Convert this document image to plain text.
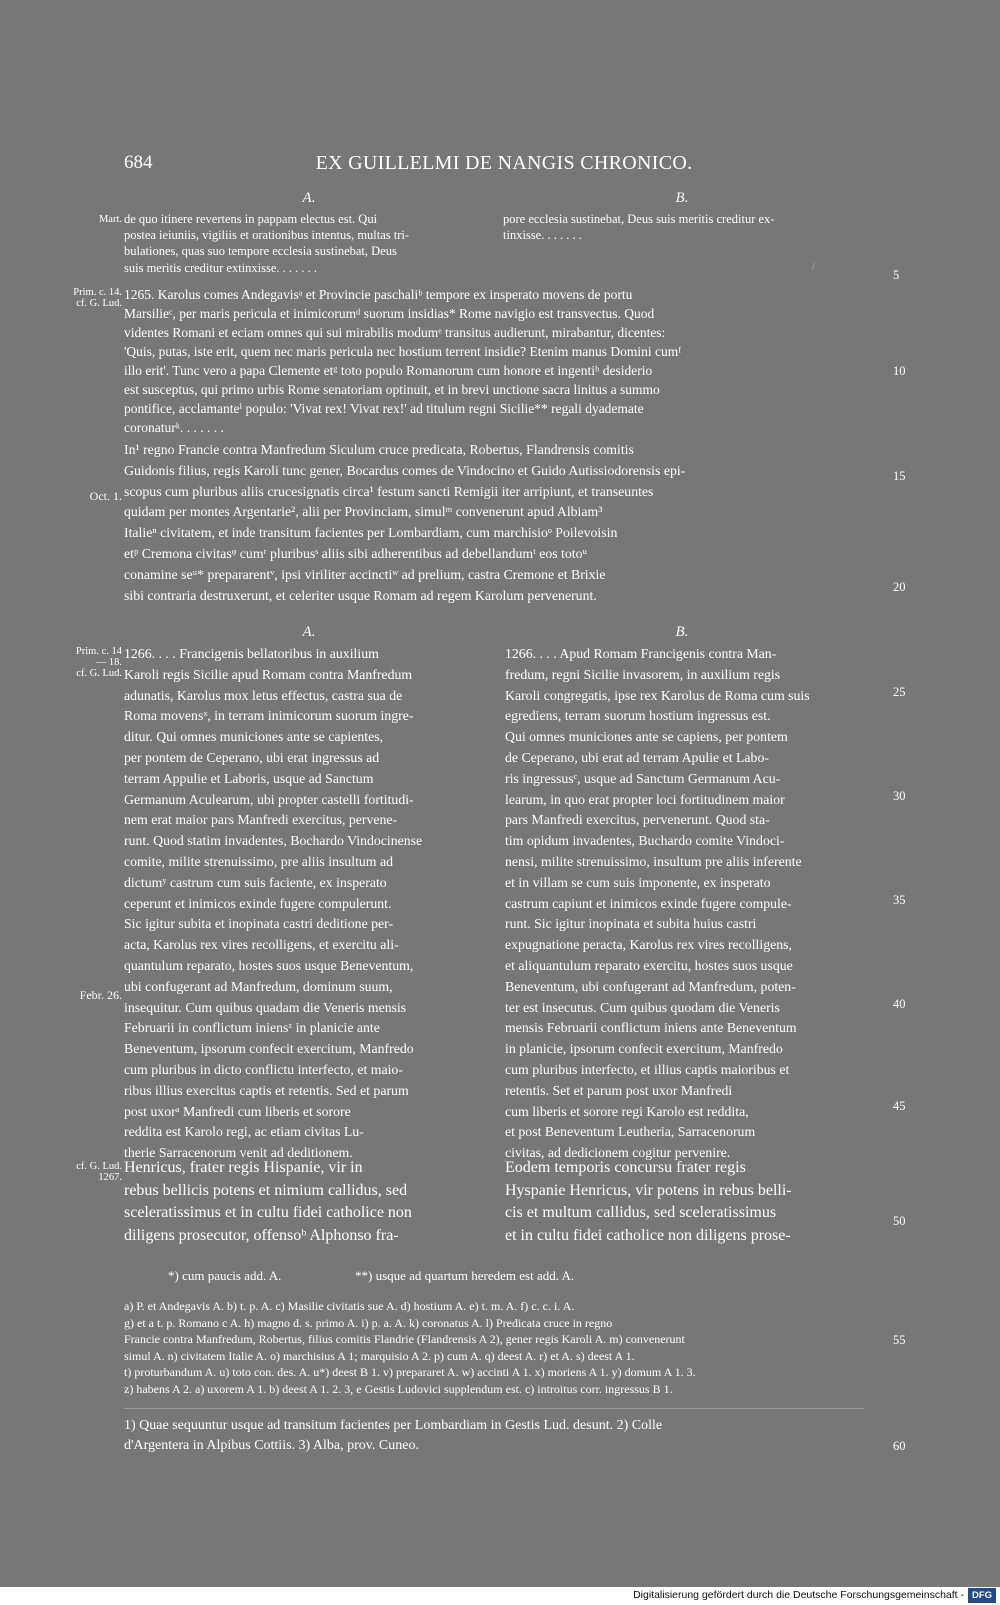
684	EX GUILLELMI DE NANGIS CHRONICO.
A.	B.
de quo itinere revertens in pappam electus est. Qui
postea ieiuniis, vigiliis et orationibus intentus, multas tri-
bulationes, quas suo tempore ecclesia sustinebat, Deus
suis meritis creditur extinxisse. . . . . . .
pore ecclesia sustinebat, Deus suis meritis creditur ex-
tinxisse. . . . . . .
/
1265. Karolus comes Andegavisᵃ et Provincie paschaliᵇ tempore ex insperato movens de portu
Marsilieᶜ, per maris pericula et inimicorumᵈ suorum insidias* Rome navigio est transvectus. Quod
videntes Romani et eciam omnes qui sui mirabilis modumᵉ transitus audierunt, mirabantur, dicentes:
'Quis, putas, iste erit, quem nec maris pericula nec hostium terrent insidie? Etenim manus Domini cumᶠ
illo erit'. Tunc vero a papa Clemente etᵍ toto populo Romanorum cum honore et ingentiʰ desiderio
est susceptus, qui primo urbis Rome senatoriam optinuit, et in brevi unctione sacra linitus a summo
pontifice, acclamanteⁱ populo: 'Vivat rex! Vivat rex!' ad titulum regni Sicilie** regali dyademate
coronaturᵏ. . . . . . .
In¹ regno Francie contra Manfredum Siculum cruce predicata, Robertus, Flandrensis comitis
Guidonis filius, regis Karoli tunc gener, Bocardus comes de Vindocino et Guido Autissiodorensis epi-
scopus cum pluribus aliis crucesignatis circa¹ festum sancti Remigii iter arripiunt, et transeuntes
quidam per montes Argentarie², alii per Provinciam, simulᵐ convenerunt apud Albiam³
Italieⁿ civitatem, et inde transitum facientes per Lombardiam, cum marchisioᵒ Poilevoisin
etᵖ Cremona civitasᵠ cumʳ pluribusˢ aliis sibi adherentibus ad debellandumᵗ eos totoᵘ
conamine seᵘ* prepararentᵛ, ipsi viriliter accinctiʷ ad prelium, castra Cremone et Brixie
sibi contraria destruxerunt, et celeriter usque Romam ad regem Karolum pervenerunt.
A.	B.
1266. . . . Francigenis bellatoribus in auxilium
Karoli regis Sicilie apud Romam contra Manfredum
adunatis, Karolus mox letus effectus, castra sua de
Roma movensˣ, in terram inimicorum suorum ingre-
ditur. Qui omnes municiones ante se capientes,
per pontem de Ceperano, ubi erat ingressus ad
terram Appulie et Laboris, usque ad Sanctum
Germanum Aculearum, ubi propter castelli fortitudi-
nem erat maior pars Manfredi exercitus, pervene-
runt. Quod statim invadentes, Bochardo Vindocinense
comite, milite strenuissimo, pre aliis insultum ad
dictumʸ castrum cum suis faciente, ex insperato
ceperunt et inimicos exinde fugere compulerunt.
Sic igitur subita et inopinata castri deditione per-
acta, Karolus rex vires recolligens, et exercitu ali-
quantulum reparato, hostes suos usque Beneventum,
ubi confugerant ad Manfredum, dominum suum,
insequitur. Cum quibus quadam die Veneris mensis
Februarii in conflictum iniensᶻ in planicie ante
Beneventum, ipsorum confecit exercitum, Manfredo
cum pluribus in dicto conflictu interfecto, et maio-
ribus illius exercitus captis et retentis. Sed et parum
post uxorᵃ Manfredi cum liberis et sorore
reddita est Karolo regi, ac etiam civitas Lu-
therie Sarracenorum venit ad deditionem.
1266. . . . Apud Romam Francigenis contra Man-
fredum, regni Sicilie invasorem, in auxilium regis
Karoli congregatis, ipse rex Karolus de Roma cum suis
egrediens, terram suorum hostium ingressus est.
Qui omnes municiones ante se capiens, per pontem
de Ceperano, ubi erat ad terram Apulie et Labo-
ris ingressusᶜ, usque ad Sanctum Germanum Acu-
learum, in quo erat propter loci fortitudinem maior
pars Manfredi exercitus, pervenerunt. Quod sta-
tim opidum invadentes, Buchardo comite Vindoci-
nensi, milite strenuissimo, insultum pre aliis inferente
et in villam se cum suis imponente, ex insperato
castrum capiunt et inimicos exinde fugere compule-
runt. Sic igitur inopinata et subita huius castri
expugnatione peracta, Karolus rex vires recolligens,
et aliquantulum reparato exercitu, hostes suos usque
Beneventum, ubi confugerant ad Manfredum, poten-
ter est insecutus. Cum quibus quodam die Veneris
mensis Februarii conflictum iniens ante Beneventum
in planicie, ipsorum confecit exercitum, Manfredo
cum pluribus interfecto, et illius captis maioribus et
retentis. Set et parum post uxor Manfredi
cum liberis et sorore regi Karolo est reddita,
et post Beneventum Leutheria, Sarracenorum
civitas, ad dedicionem cogitur pervenire.
Henricus, frater regis Hispanie, vir in
rebus bellicis potens et nimium callidus, sed
sceleratissimus et in cultu fidei catholice non
diligens prosecutor, offensoᵇ Alphonso fra-
Eodem temporis concursu frater regis
Hyspanie Henricus, vir potens in rebus belli-
cis et multum callidus, sed sceleratissimus
et in cultu fidei catholice non diligens prose-
Mart.
Prim. c. 14.
cf. G. Lud.
Oct. 1.
Prim. c. 14
— 18.
cf. G. Lud.
Febr. 26.
cf. G. Lud.
1267.
5
10
15
20
25
30
35
40
45
50
55
60
*) cum paucis add. A.	**) usque ad quartum heredem est add. A.
a) P. et Andegavis A. b) t. p. A. c) Masilie civitatis sue A. d) hostium A. e) t. m. A. f) c. c. i. A.
g) et a t. p. Romano c A. h) magno d. s. primo A. i) p. a. A. k) coronatus A. l) Predicata cruce in regno
Francie contra Manfredum, Robertus, filius comitis Flandrie (Flandrensis A 2), gener regis Karoli A. m) convenerunt
simul A. n) civitatem Italie A. o) marchisius A 1; marquisio A 2. p) cum A. q) deest A. r) et A. s) deest A 1.
t) proturbandum A. u) toto con. des. A. u*) deest B 1. v) prepararet A. w) accinti A 1. x) moriens A 1. y) domum A 1. 3.
z) habens A 2. a) uxorem A 1. b) deest A 1. 2. 3, e Gestis Ludovici supplendum est. c) introitus corr. ingressus B 1.
1) Quae sequuntur usque ad transitum facientes per Lombardiam in Gestis Lud. desunt. 2) Colle
d'Argentera in Alpibus Cottiis. 3) Alba, prov. Cuneo.
Digitalisierung gefördert durch die Deutsche Forschungsgemeinschaft - DFG
